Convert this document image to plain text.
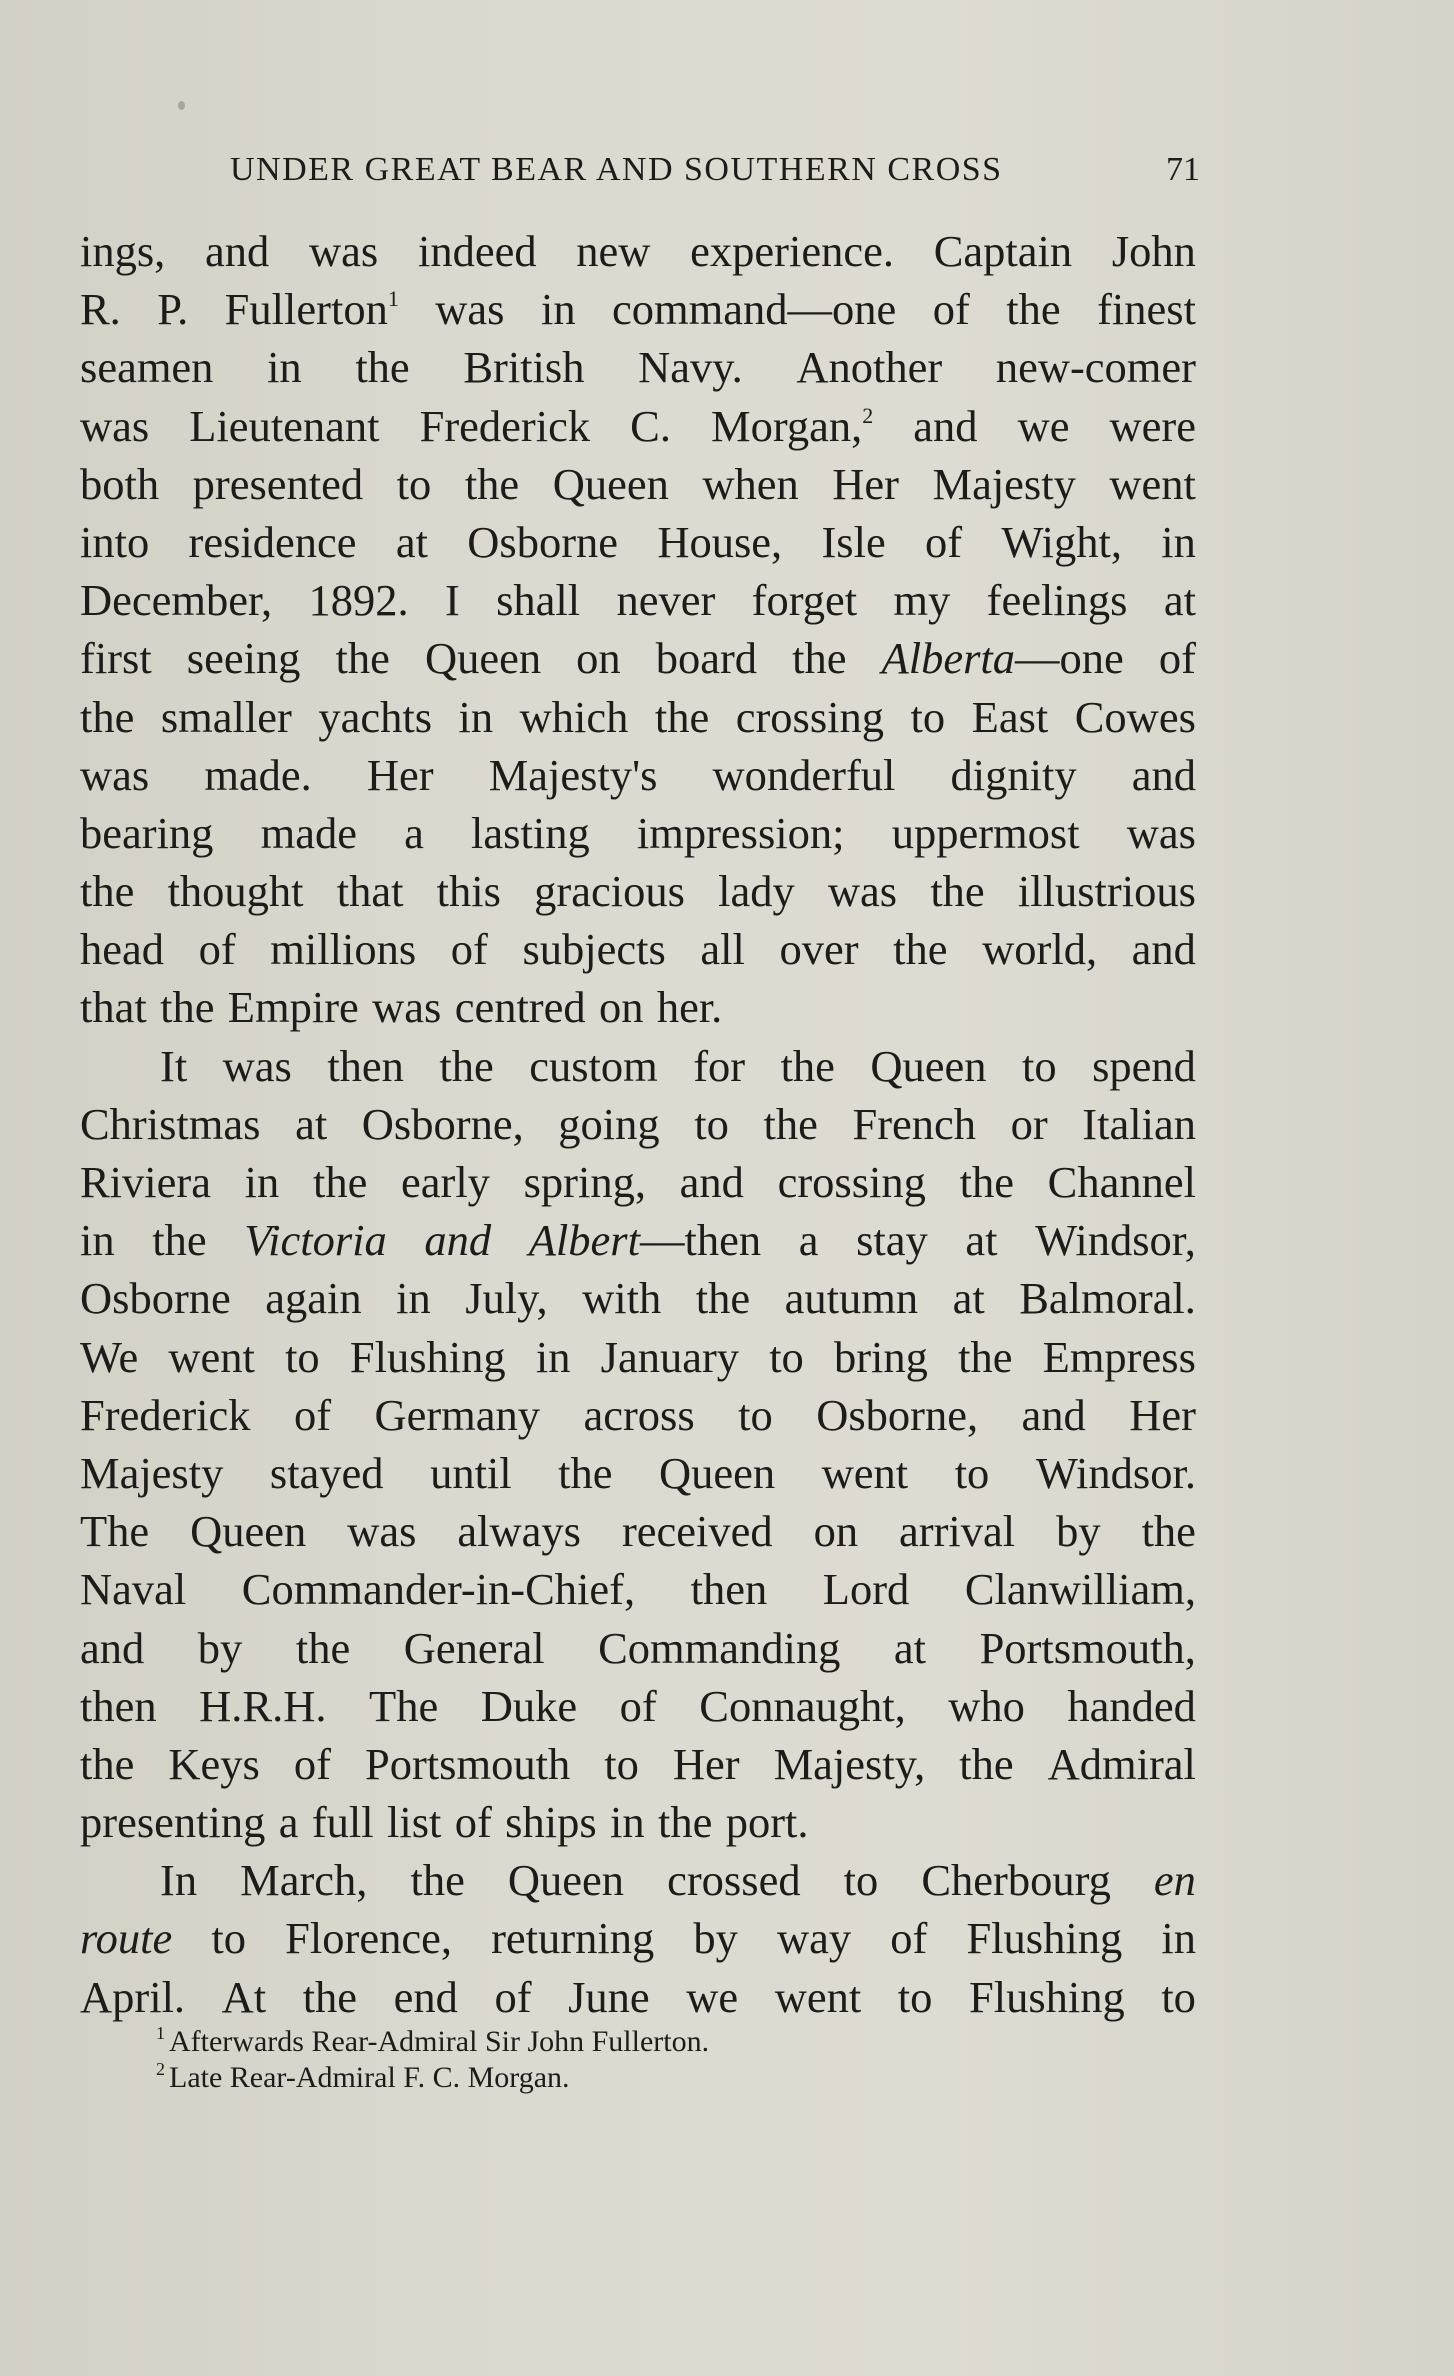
UNDER GREAT BEAR AND SOUTHERN CROSS	71
ings, and was indeed new experience. Captain John
R. P. Fullerton$^1$ was in command—one of the finest
seamen in the British Navy. Another new-comer
was Lieutenant Frederick C. Morgan,$^2$ and we were
both presented to the Queen when Her Majesty went
into residence at Osborne House, Isle of Wight, in
December, 1892. I shall never forget my feelings at
first seeing the Queen on board the Alberta—one of
the smaller yachts in which the crossing to East Cowes
was made. Her Majesty's wonderful dignity and
bearing made a lasting impression; uppermost was
the thought that this gracious lady was the illustrious
head of millions of subjects all over the world, and
that the Empire was centred on her.
It was then the custom for the Queen to spend
Christmas at Osborne, going to the French or Italian
Riviera in the early spring, and crossing the Channel
in the Victoria and Albert—then a stay at Windsor,
Osborne again in July, with the autumn at Balmoral.
We went to Flushing in January to bring the Empress
Frederick of Germany across to Osborne, and Her
Majesty stayed until the Queen went to Windsor.
The Queen was always received on arrival by the
Naval Commander-in-Chief, then Lord Clanwilliam,
and by the General Commanding at Portsmouth,
then H.R.H. The Duke of Connaught, who handed
the Keys of Portsmouth to Her Majesty, the Admiral
presenting a full list of ships in the port.
In March, the Queen crossed to Cherbourg en
route to Florence, returning by way of Flushing in
April. At the end of June we went to Flushing to
$^1$ Afterwards Rear-Admiral Sir John Fullerton.
$^2$ Late Rear-Admiral F. C. Morgan.
